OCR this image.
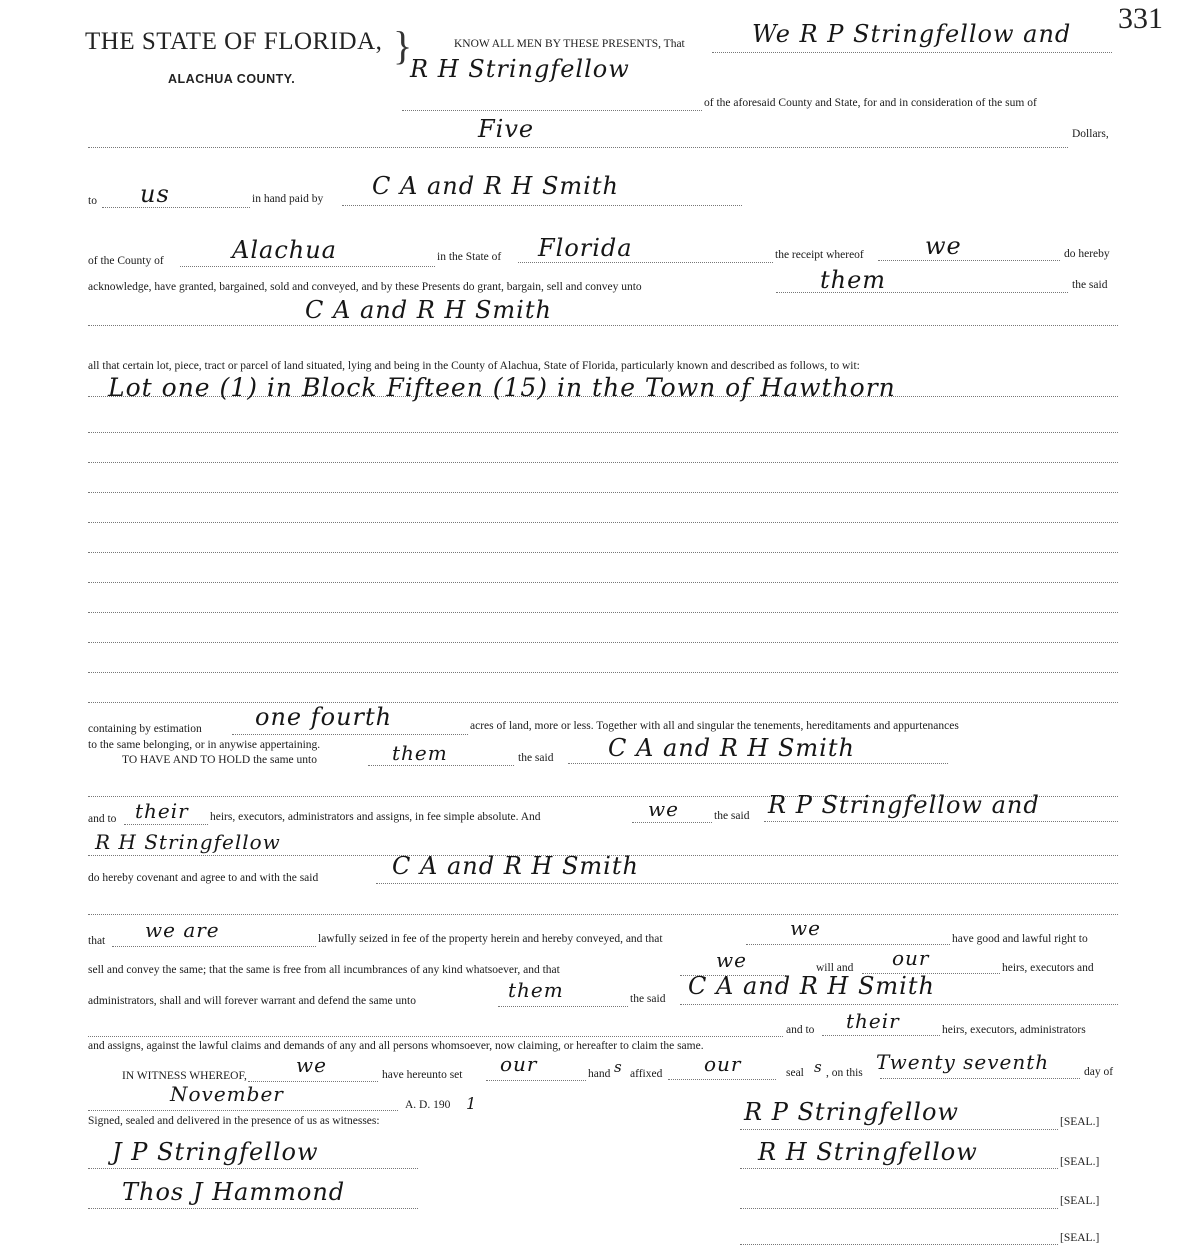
331
THE STATE OF FLORIDA, }
ALACHUA COUNTY.
KNOW ALL MEN BY THESE PRESENTS, That	We R P Stringfellow and
R H Stringfellow
of the aforesaid County and State, for and in consideration of the sum of
Five	Dollars,
to us	in hand paid by C A and R H Smith
of the County of	Alachua	in the State of Florida	the receipt whereof	we	do hereby
acknowledge, have granted, bargained, sold and conveyed, and by these Presents do grant, bargain, sell and convey unto	them	the said
C A and R H Smith
all that certain lot, piece, tract or parcel of land situated, lying and being in the County of Alachua, State of Florida, particularly known and described as follows, to wit:
Lot one (1) in Block Fifteen (15) in the Town of Hawthorn
containing by estimation one fourth	acres of land, more or less. Together with all and singular the tenements, hereditaments and appurtenances
to the same belonging, or in anywise appertaining.
TO HAVE AND TO HOLD the same unto	them	the said C A and R H Smith
and to their heirs, executors, administrators and assigns, in fee simple absolute. And	we	the said R P Stringfellow and
R H Stringfellow
do hereby covenant and agree to and with the said	C A and R H Smith
that we are	lawfully seized in fee of the property herein and hereby conveyed, and that	we	have good and lawful right to
sell and convey the same; that the same is free from all incumbrances of any kind whatsoever, and that	we	will and our	heirs, executors and
administrators, shall and will forever warrant and defend the same unto	them	the said C A and R H Smith
and to their	heirs, executors, administrators
and assigns, against the lawful claims and demands of any and all persons whomsoever, now claiming, or hereafter to claim the same.
IN WITNESS WHEREOF, we	have hereunto set our	hand s affixed our	seal s , on this Twenty seventh	day of
November	A. D. 190 1
Signed, sealed and delivered in the presence of us as witnesses:	R P Stringfellow	[SEAL.]
J P Stringfellow	R H Stringfellow	[SEAL.]
Thos J Hammond	[SEAL.]
[SEAL.]
